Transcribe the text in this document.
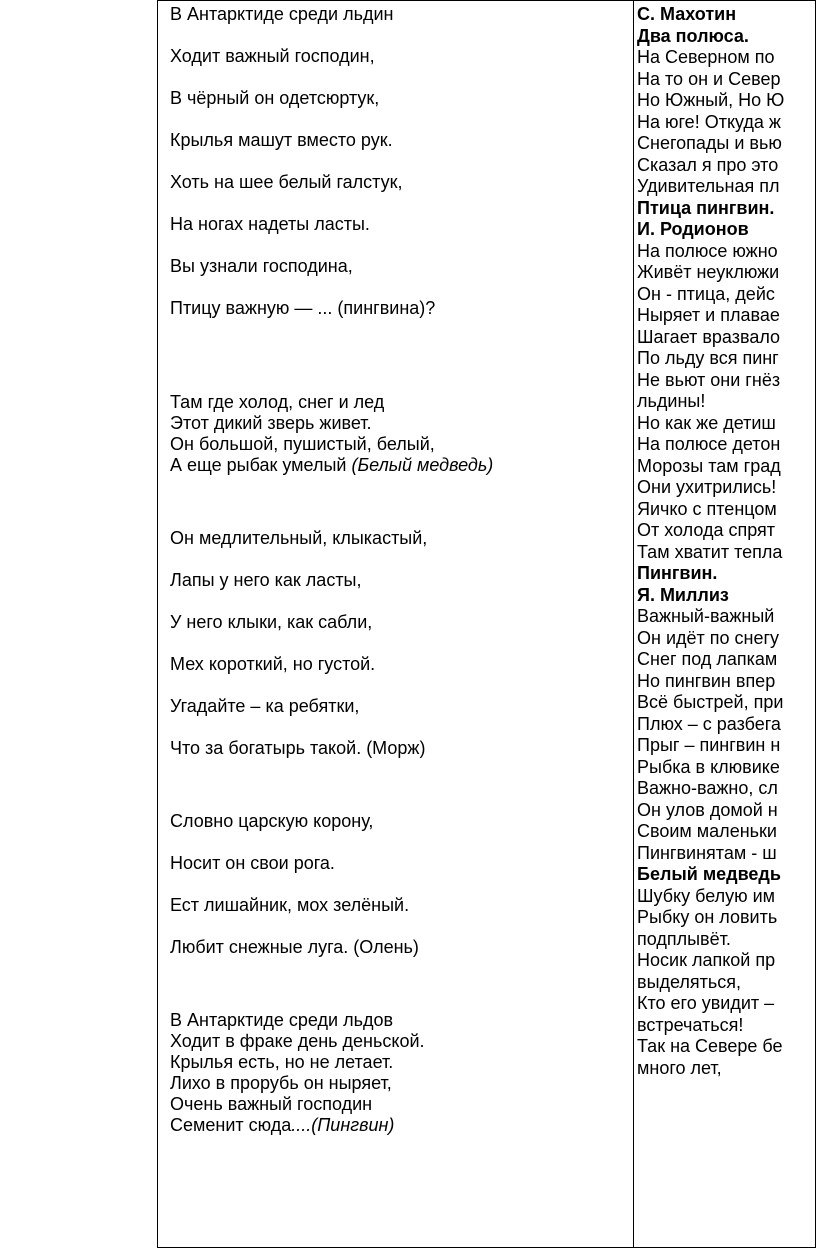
В Антарктиде среди льдин

Ходит важный господин,

В чёрный он одетсюртук,

Крылья машут вместо рук.

Хоть на шее белый галстук,

На ногах надеты ласты.

Вы узнали господина,

Птицу важную — ... (пингвина)?

Там где холод, снег и лед

Этот дикий зверь живет.

Он большой, пушистый, белый,

А еще рыбак умелый (Белый медведь)

Он медлительный, клыкастый,

Лапы у него как ласты,

У него клыки, как сабли,

Мех короткий, но густой.

Угадайте – ка ребятки,

Что за богатырь такой. (Морж)

Словно царскую корону,

Носит он свои рога.

Ест лишайник, мох зелёный.

Любит снежные луга. (Олень)

В Антарктиде среди льдов

Ходит в фраке день деньской.

Крылья есть, но не летает.

Лихо в прорубь он ныряет,

Очень важный господин

Семенит сюда....(Пингвин)

С. Махотин

Два полюса.

На Северном по

На то он и Север

Но Южный, Но Ю

На юге! Откуда ж

Снегопады и вью

Сказал я про это

Удивительная пл

Птица пингвин.

И. Родионов

На полюсе южно

Живёт неуклюжи

Он - птица, дейс

Ныряет и плавае

Шагает вразвало

По льду вся пинг

Не вьют они гнёз

льдины!

Но как же детиш

На полюсе детон

Морозы там град

Они ухитрились!

Яичко с птенцом

От холода спрят

Там хватит тепла

Пингвин.

Я. Миллиз

Важный-важный

Он идёт по снегу

Снег под лапкам

Но пингвин впер

Всё быстрей, при

Плюх – с разбега

Прыг – пингвин н

Рыбка в клювике

Важно-важно, сл

Он улов домой н

Своим маленьки

Пингвинятам - ш

Белый медведь

Шубку белую им

Рыбку он ловить

подплывёт.

Носик лапкой пр

выделяться,

Кто его увидит –

встречаться!

Так на Севере бе

много лет,
